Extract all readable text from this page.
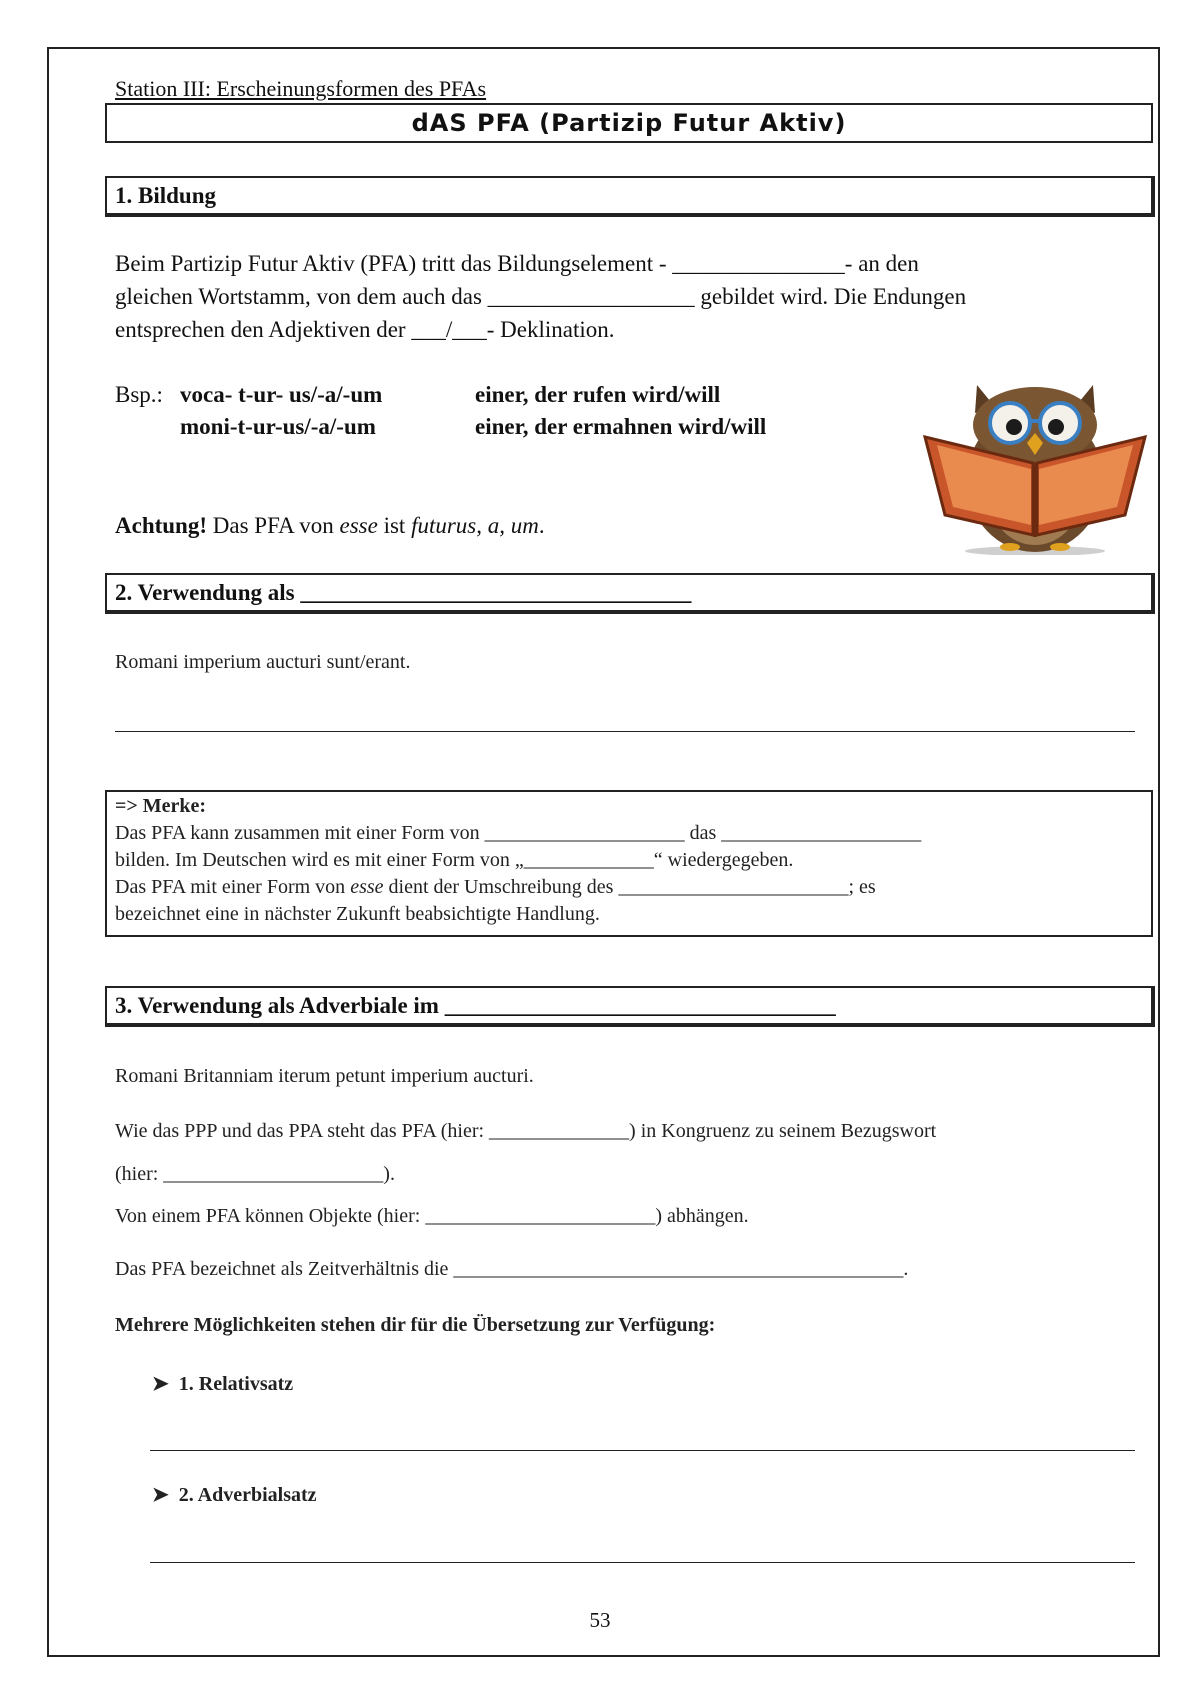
Station III: Erscheinungsformen des PFAs
dAS PFA (Partizip Futur Aktiv)
1. Bildung
Beim Partizip Futur Aktiv (PFA) tritt das Bildungselement - _______________- an den
gleichen Wortstamm, von dem auch das __________________ gebildet wird. Die Endungen
entsprechen den Adjektiven der ___/___- Deklination.
Bsp.: voca- t-ur- us/-a/-um	einer, der rufen wird/will
moni-t-ur-us/-a/-um	einer, der ermahnen wird/will
Achtung! Das PFA von esse ist futurus, a, um.
2. Verwendung als __________________________________
Romani imperium aucturi sunt/erant.
=> Merke:
Das PFA kann zusammen mit einer Form von ____________________ das ____________________
bilden. Im Deutschen wird es mit einer Form von „_____________“ wiedergegeben.
Das PFA mit einer Form von esse dient der Umschreibung des _______________________; es
bezeichnet eine in nächster Zukunft beabsichtigte Handlung.
3. Verwendung als Adverbiale im __________________________________
Romani Britanniam iterum petunt imperium aucturi.
Wie das PPP und das PPA steht das PFA (hier: ______________) in Kongruenz zu seinem Bezugswort
(hier: ______________________).
Von einem PFA können Objekte (hier: _______________________) abhängen.
Das PFA bezeichnet als Zeitverhältnis die _____________________________________________.
Mehrere Möglichkeiten stehen dir für die Übersetzung zur Verfügung:
➤ 1. Relativsatz
➤ 2. Adverbialsatz
53
